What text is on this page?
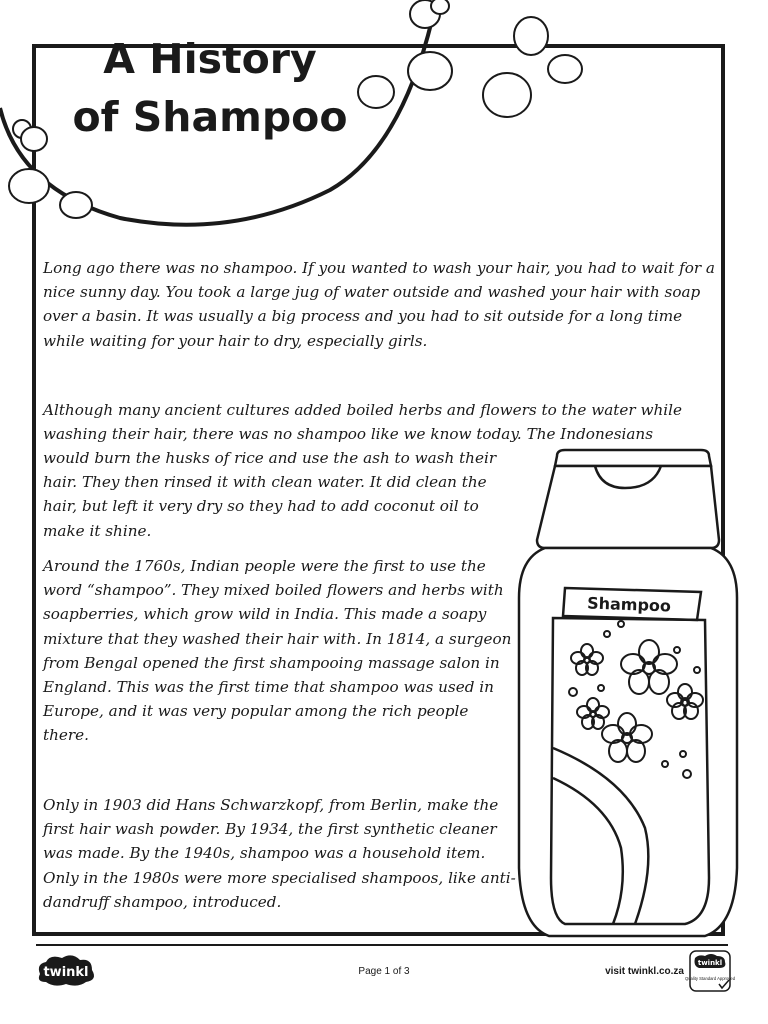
A History
of Shampoo

Long ago there was no shampoo. If you wanted to wash your hair, you had to wait for a nice sunny day. You took a large jug of water outside and washed your hair with soap over a basin. It was usually a big process and you had to sit outside for a long time while waiting for your hair to dry, especially girls.

Although many ancient cultures added boiled herbs and flowers to the water while washing their hair, there was no shampoo like we know today. The Indonesians

would burn the husks of rice and use the ash to wash their hair. They then rinsed it with clean water. It did clean the hair, but left it very dry so they had to add coconut oil to make it shine.

Around the 1760s, Indian people were the first to use the word “shampoo”. They mixed boiled flowers and herbs with soapberries, which grow wild in India. This made a soapy mixture that they washed their hair with. In 1814, a surgeon from Bengal opened the first shampooing massage salon in England. This was the first time that shampoo was used in Europe, and it was very popular among the rich people there.

Only in 1903 did Hans Schwarzkopf, from Berlin, make the first hair wash powder. By 1934, the first synthetic cleaner was made. By the 1940s, shampoo was a household item. Only in the 1980s were more specialised shampoos, like anti-dandruff shampoo, introduced.

Shampoo
twinkl	Page 1 of 3	visit twinkl.co.za
twinkl
Quality Standard Approved
